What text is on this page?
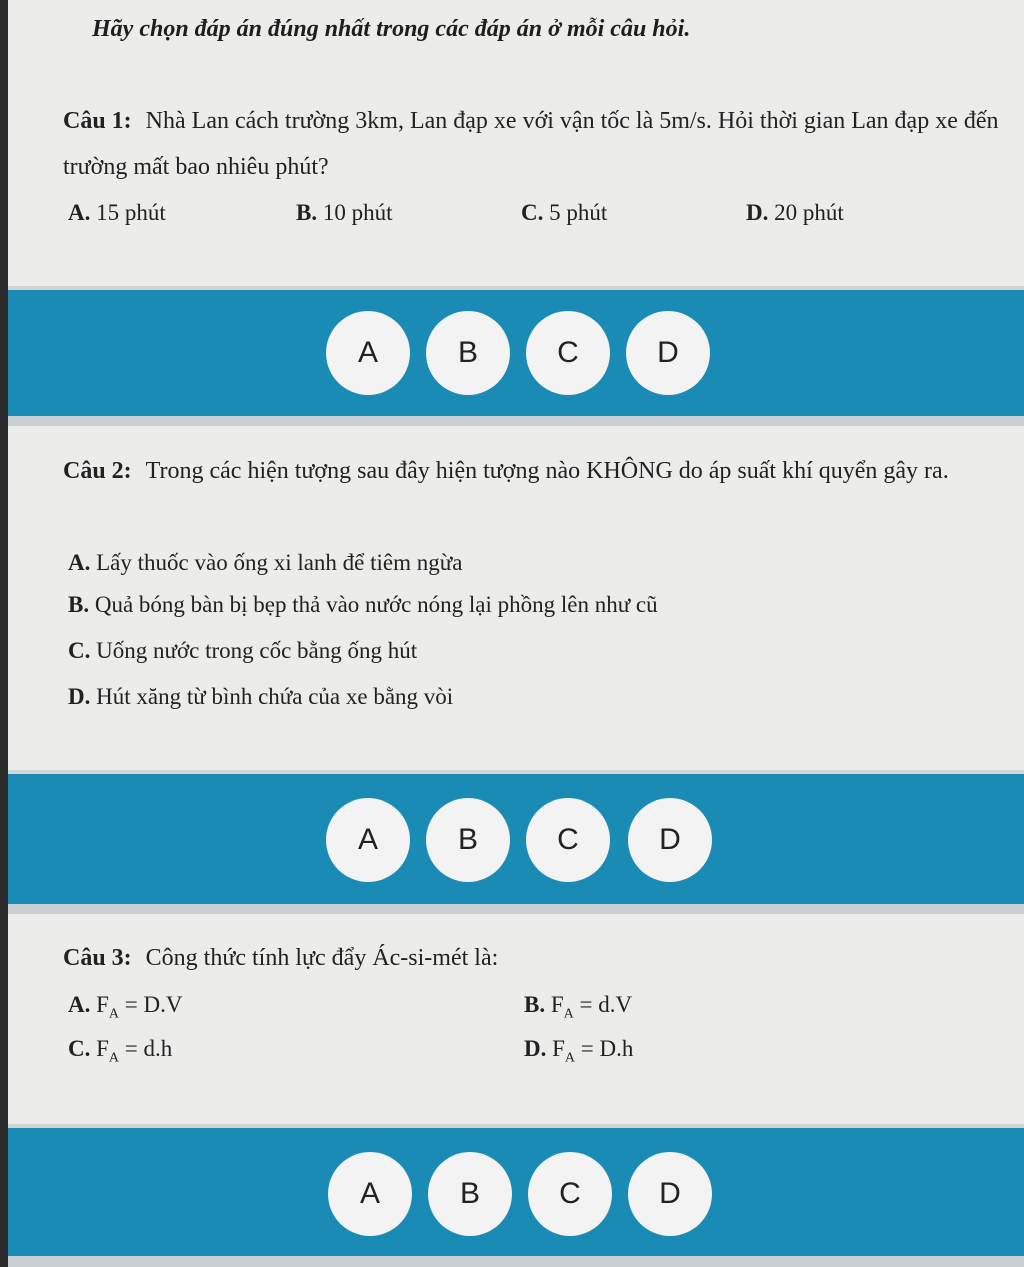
Hãy chọn đáp án đúng nhất trong các đáp án ở mỗi câu hỏi.
Câu 1: Nhà Lan cách trường 3km, Lan đạp xe với vận tốc là 5m/s. Hỏi thời gian Lan đạp xe đến trường mất bao nhiêu phút?
A. 15 phút	B. 10 phút	C. 5 phút	D. 20 phút
A	B	C	D
Câu 2: Trong các hiện tượng sau đây hiện tượng nào KHÔNG do áp suất khí quyển gây ra.
A. Lấy thuốc vào ống xi lanh để tiêm ngừa
B. Quả bóng bàn bị bẹp thả vào nước nóng lại phồng lên như cũ
C. Uống nước trong cốc bằng ống hút
D. Hút xăng từ bình chứa của xe bằng vòi
A	B	C	D
Câu 3: Công thức tính lực đẩy Ác-si-mét là:
A. $F_A = D.V$	B. $F_A = d.V$
C. $F_A = d.h$	D. $F_A = D.h$
A	B	C	D
